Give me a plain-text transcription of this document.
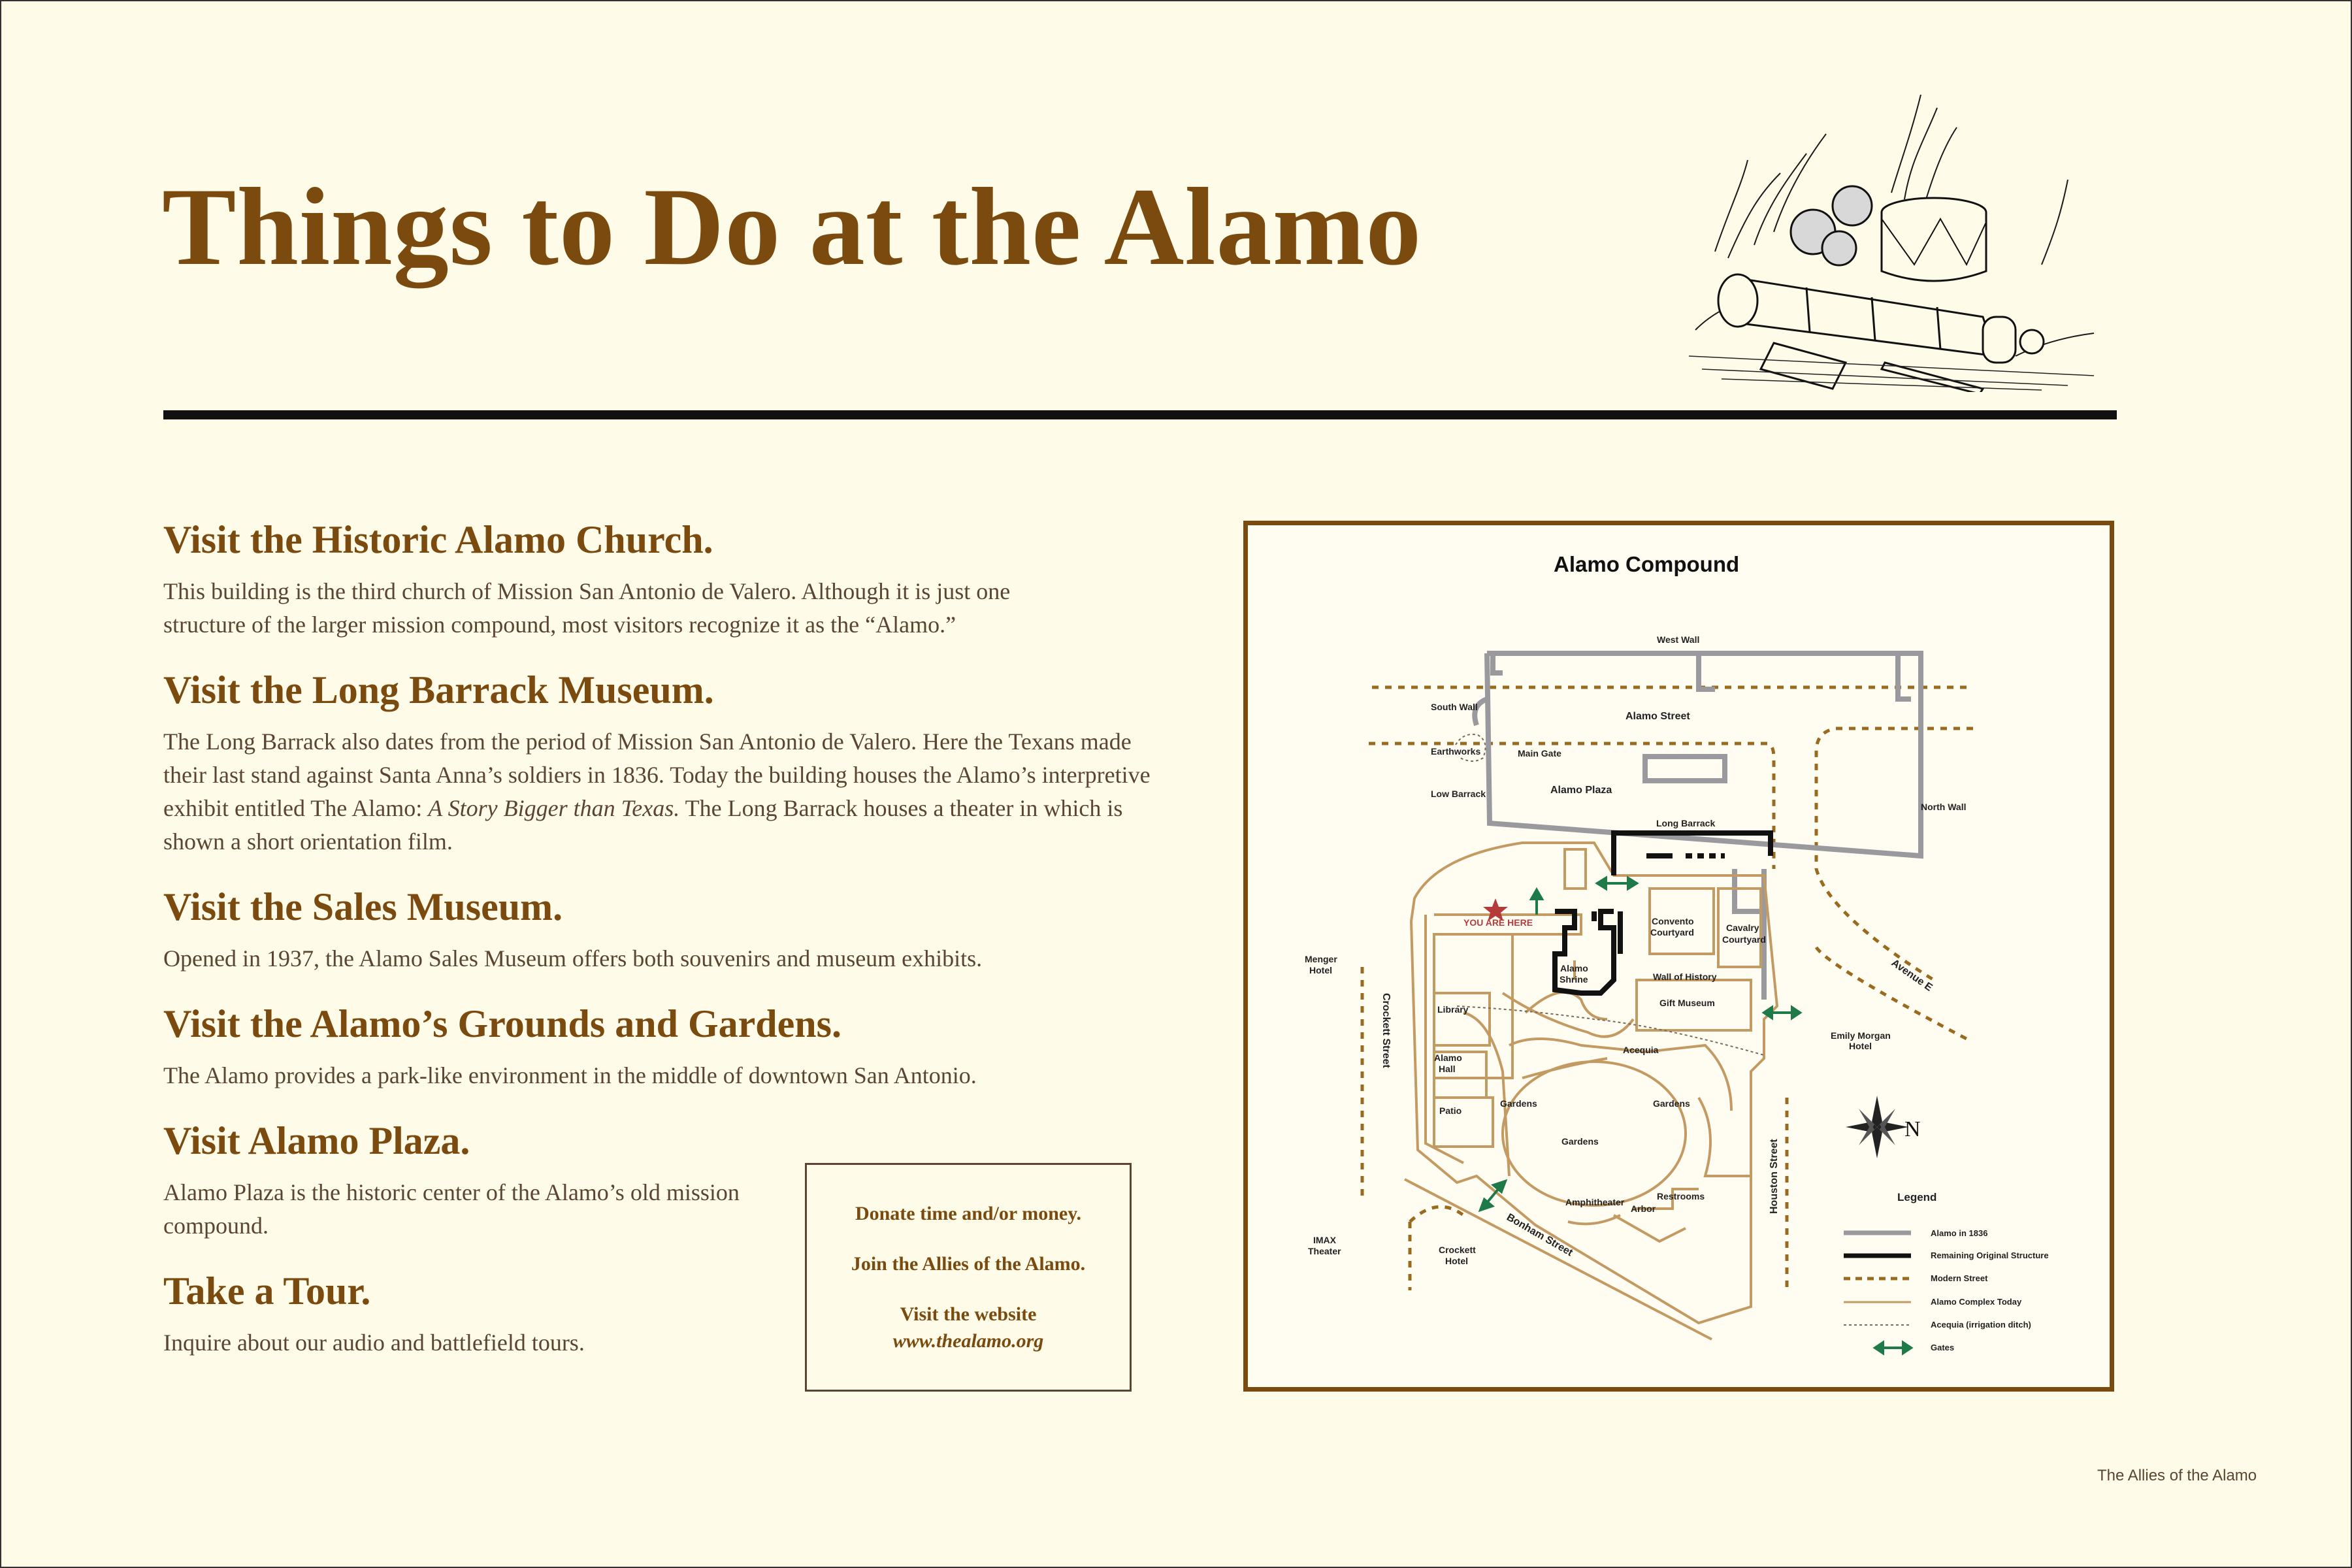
Things to Do at the Alamo
Visit the Historic Alamo Church.

This building is the third church of Mission San Antonio de Valero. Although it is just one structure of the larger mission compound, most visitors recognize it as the “Alamo.”

Visit the Long Barrack Museum.

The Long Barrack also dates from the period of Mission San Antonio de Valero. Here the Texans made their last stand against Santa Anna’s soldiers in 1836. Today the building houses the Alamo’s interpretive exhibit entitled The Alamo: A Story Bigger than Texas. The Long Barrack houses a theater in which is shown a short orientation film.

Visit the Sales Museum.

Opened in 1937, the Alamo Sales Museum offers both souvenirs and museum exhibits.

Visit the Alamo’s Grounds and Gardens.

The Alamo provides a park-like environment in the middle of downtown San Antonio.

Visit Alamo Plaza.

Alamo Plaza is the historic center of the Alamo’s old mission compound.

Take a Tour.

Inquire about our audio and battlefield tours.

Donate time and/or money.
Join the Allies of the Alamo.
Visit the website
www.thealamo.org
Alamo Compound
N
West Wall
Alamo Street
South Wall
Earthworks	Main Gate
Low Barrack	Alamo Plaza
North Wall
Long Barrack
YOU ARE HERE	Convento
Courtyard	Cavalry
Courtyard
Menger
Hotel	Alamo
Shrine	Wall of History
Gift Museum
Library
Emily Morgan
Hotel
Acequia
Alamo
Hall
Gardens	Gardens
Gardens
Patio
Amphitheater
Restrooms
Arbor
IMAX
Theater	Crockett
Hotel
Crockett Street
Houston Street
Bonham Street
Avenue E
Legend
Alamo in 1836
Remaining Original Structure
Modern Street
Alamo Complex Today
Acequia (irrigation ditch)
Gates
The Allies of the Alamo
